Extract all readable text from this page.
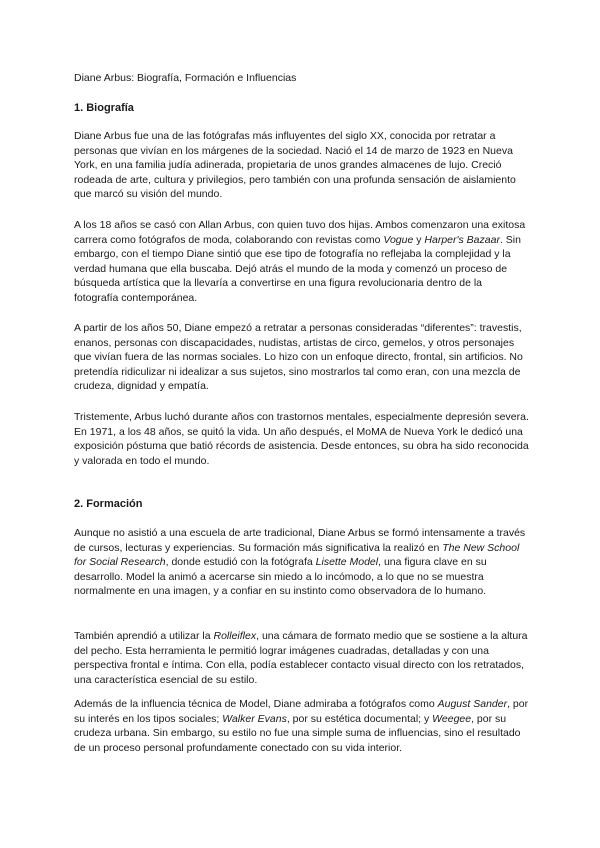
Diane Arbus: Biografía, Formación e Influencias
1. Biografía

Diane Arbus fue una de las fotógrafas más influyentes del siglo XX, conocida por retratar a personas que vivían en los márgenes de la sociedad. Nació el 14 de marzo de 1923 en Nueva York, en una familia judía adinerada, propietaria de unos grandes almacenes de lujo. Creció rodeada de arte, cultura y privilegios, pero también con una profunda sensación de aislamiento que marcó su visión del mundo.

A los 18 años se casó con Allan Arbus, con quien tuvo dos hijas. Ambos comenzaron una exitosa carrera como fotógrafos de moda, colaborando con revistas como Vogue y Harper's Bazaar. Sin embargo, con el tiempo Diane sintió que ese tipo de fotografía no reflejaba la complejidad y la verdad humana que ella buscaba. Dejó atrás el mundo de la moda y comenzó un proceso de búsqueda artística que la llevaría a convertirse en una figura revolucionaria dentro de la fotografía contemporánea.

A partir de los años 50, Diane empezó a retratar a personas consideradas “diferentes”: travestis, enanos, personas con discapacidades, nudistas, artistas de circo, gemelos, y otros personajes que vivían fuera de las normas sociales. Lo hizo con un enfoque directo, frontal, sin artificios. No pretendía ridiculizar ni idealizar a sus sujetos, sino mostrarlos tal como eran, con una mezcla de crudeza, dignidad y empatía.

Tristemente, Arbus luchó durante años con trastornos mentales, especialmente depresión severa. En 1971, a los 48 años, se quitó la vida. Un año después, el MoMA de Nueva York le dedicó una exposición póstuma que batió récords de asistencia. Desde entonces, su obra ha sido reconocida y valorada en todo el mundo.

2. Formación

Aunque no asistió a una escuela de arte tradicional, Diane Arbus se formó intensamente a través de cursos, lecturas y experiencias. Su formación más significativa la realizó en The New School for Social Research, donde estudió con la fotógrafa Lisette Model, una figura clave en su desarrollo. Model la animó a acercarse sin miedo a lo incómodo, a lo que no se muestra normalmente en una imagen, y a confiar en su instinto como observadora de lo humano.

También aprendió a utilizar la Rolleiflex, una cámara de formato medio que se sostiene a la altura del pecho. Esta herramienta le permitió lograr imágenes cuadradas, detalladas y con una perspectiva frontal e íntima. Con ella, podía establecer contacto visual directo con los retratados, una característica esencial de su estilo.

Además de la influencia técnica de Model, Diane admiraba a fotógrafos como August Sander, por su interés en los tipos sociales; Walker Evans, por su estética documental; y Weegee, por su crudeza urbana. Sin embargo, su estilo no fue una simple suma de influencias, sino el resultado de un proceso personal profundamente conectado con su vida interior.
